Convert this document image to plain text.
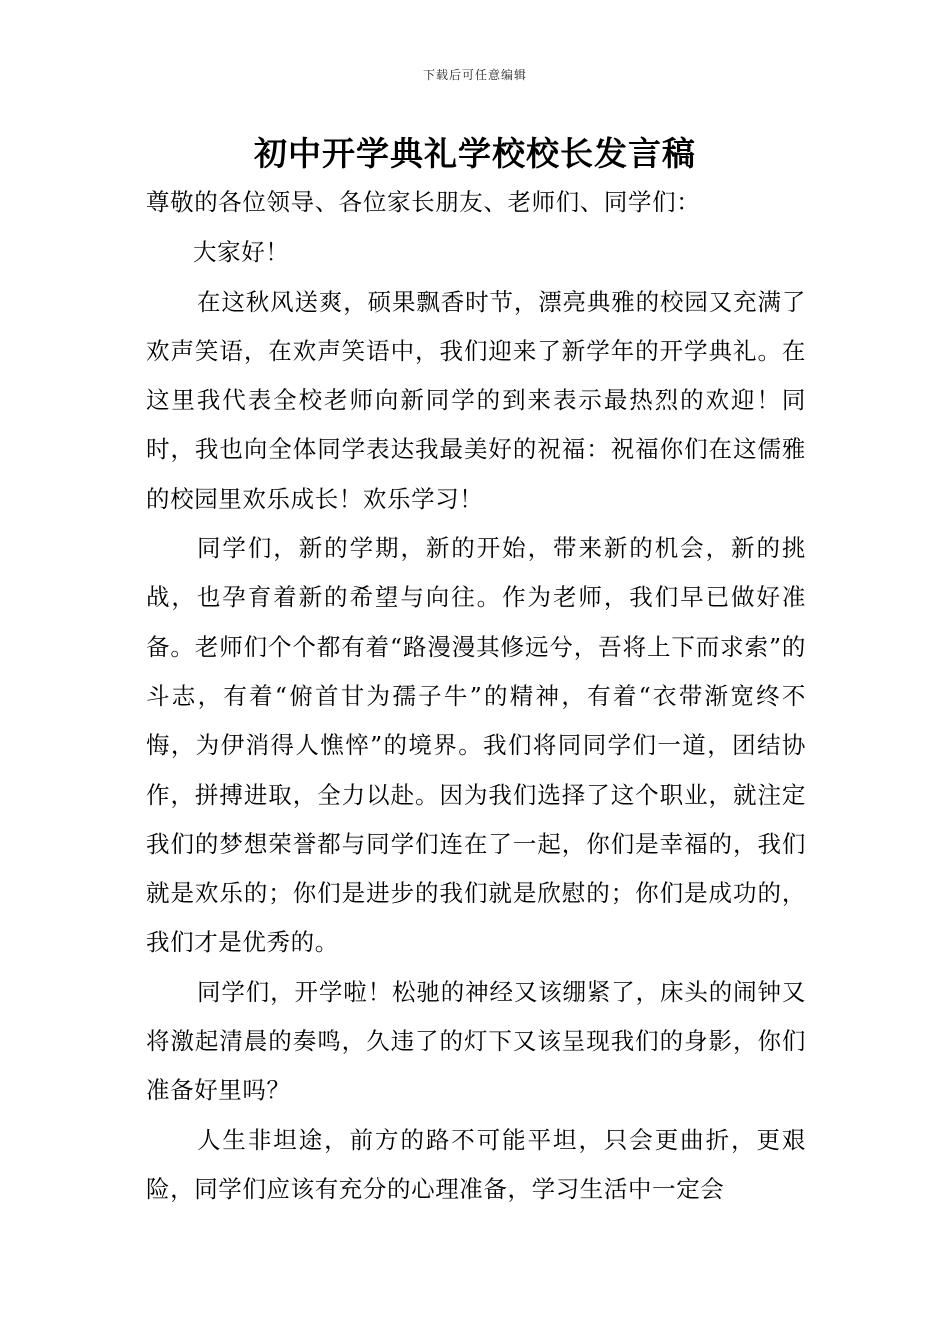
下载后可任意编辑
初中开学典礼学校校长发言稿

尊敬的各位领导、各位家长朋友、老师们、同学们：

大家好！

在这秋风送爽，硕果飘香时节，漂亮典雅的校园又充满了欢声笑语，在欢声笑语中，我们迎来了新学年的开学典礼。在这里我代表全校老师向新同学的到来表示最热烈的欢迎！同时，我也向全体同学表达我最美好的祝福：祝福你们在这儒雅的校园里欢乐成长！欢乐学习！

同学们，新的学期，新的开始，带来新的机会，新的挑战，也孕育着新的希望与向往。作为老师，我们早已做好准备。老师们个个都有着“路漫漫其修远兮，吾将上下而求索”的斗志，有着“俯首甘为孺子牛”的精神，有着“衣带渐宽终不悔，为伊消得人憔悴”的境界。我们将同同学们一道，团结协作，拼搏进取，全力以赴。因为我们选择了这个职业，就注定我们的梦想荣誉都与同学们连在了一起，你们是幸福的，我们就是欢乐的；你们是进步的我们就是欣慰的；你们是成功的，我们才是优秀的。

同学们，开学啦！松驰的神经又该绷紧了，床头的闹钟又将激起清晨的奏鸣，久违了的灯下又该呈现我们的身影，你们准备好里吗？

人生非坦途，前方的路不可能平坦，只会更曲折，更艰险，同学们应该有充分的心理准备，学习生活中一定会
